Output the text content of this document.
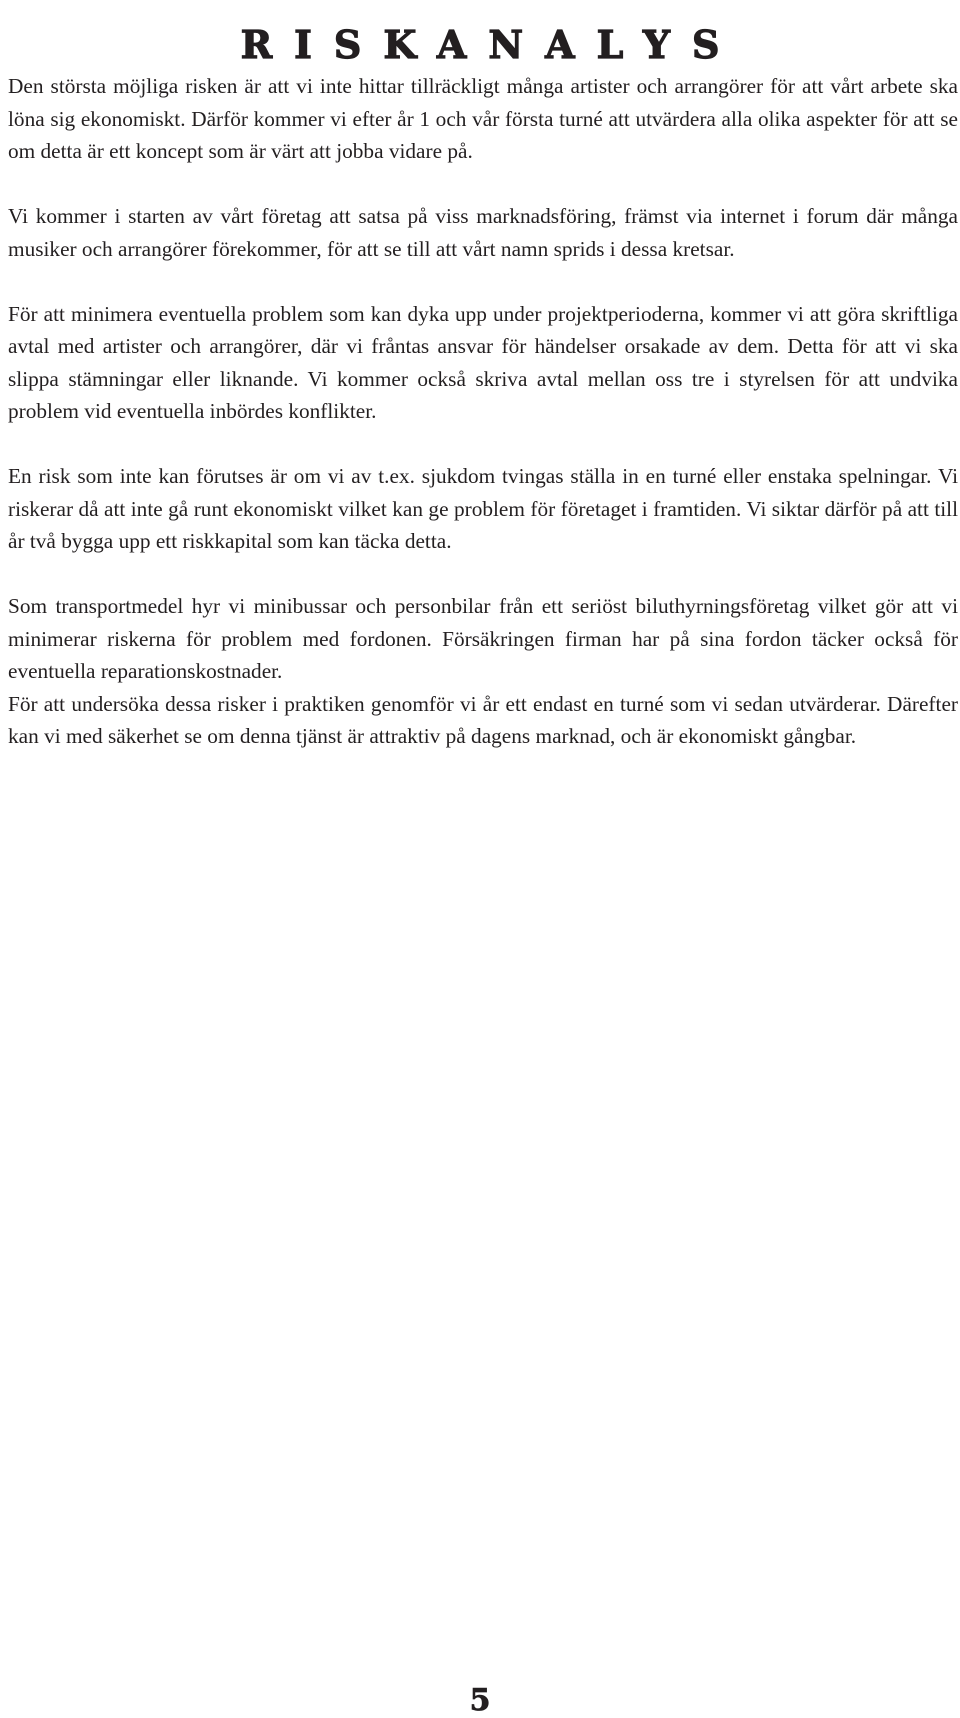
RISKANALYS

Den största möjliga risken är att vi inte hittar tillräckligt många artister och arrangörer för att vårt arbete ska löna sig ekonomiskt. Därför kommer vi efter år 1 och vår första turné att utvärdera alla olika aspekter för att se om detta är ett koncept som är värt att jobba vidare på.

Vi kommer i starten av vårt företag att satsa på viss marknadsföring, främst via internet i forum där många musiker och arrangörer förekommer, för att se till att vårt namn sprids i dessa kretsar.

För att minimera eventuella problem som kan dyka upp under projektperioderna, kommer vi att göra skriftliga avtal med artister och arrangörer, där vi fråntas ansvar för händelser orsakade av dem. Detta för att vi ska slippa stämningar eller liknande. Vi kommer också skriva avtal mellan oss tre i styrelsen för att undvika problem vid eventuella inbördes konflikter.

En risk som inte kan förutses är om vi av t.ex. sjukdom tvingas ställa in en turné eller enstaka spelningar. Vi riskerar då att inte gå runt ekonomiskt vilket kan ge problem för företaget i framtiden. Vi siktar därför på att till år två bygga upp ett riskkapital som kan täcka detta.

Som transportmedel hyr vi minibussar och personbilar från ett seriöst biluthyrningsföretag vilket gör att vi minimerar riskerna för problem med fordonen. Försäkringen firman har på sina fordon täcker också för eventuella reparationskostnader.

För att undersöka dessa risker i praktiken genomför vi år ett endast en turné som vi sedan utvärderar. Därefter kan vi med säkerhet se om denna tjänst är attraktiv på dagens marknad, och är ekonomiskt gångbar.

5
